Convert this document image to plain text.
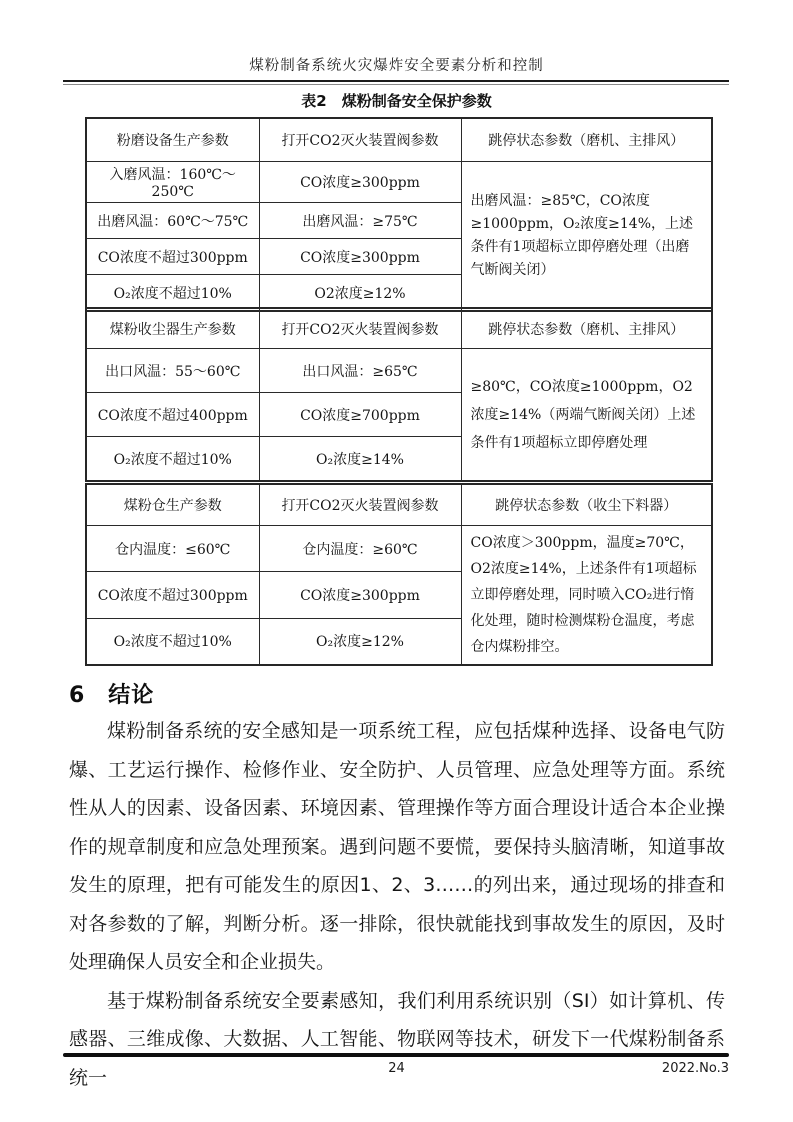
煤粉制备系统火灾爆炸安全要素分析和控制
表2　煤粉制备安全保护参数
粉磨设备生产参数	打开CO2灭火装置阀参数	跳停状态参数（磨机、主排风）
入磨风温：160℃～250℃	CO浓度≥300ppm	出磨风温：≥85℃，CO浓度≥1000ppm，O₂浓度≥14%，上述条件有1项超标立即停磨处理（出磨气断阀关闭）
出磨风温：60℃～75℃	出磨风温：≥75℃	
CO浓度不超过300ppm	CO浓度≥300ppm	
O₂浓度不超过10%	O2浓度≥12%	
煤粉收尘器生产参数	打开CO2灭火装置阀参数	跳停状态参数（磨机、主排风）
出口风温：55～60℃	出口风温：≥65℃	≥80℃，CO浓度≥1000ppm，O2浓度≥14%（两端气断阀关闭）上述条件有1项超标立即停磨处理
CO浓度不超过400ppm	CO浓度≥700ppm	
O₂浓度不超过10%	O₂浓度≥14%	
煤粉仓生产参数	打开CO2灭火装置阀参数	跳停状态参数（收尘下料器）
仓内温度：≤60℃	仓内温度：≥60℃	CO浓度＞300ppm，温度≥70℃，O2浓度≥14%，上述条件有1项超标立即停磨处理，同时喷入CO₂进行惰化处理，随时检测煤粉仓温度，考虑仓内煤粉排空。
CO浓度不超过300ppm	CO浓度≥300ppm	
O₂浓度不超过10%	O₂浓度≥12%	
6　结论

煤粉制备系统的安全感知是一项系统工程，应包括煤种选择、设备电气防爆、工艺运行操作、检修作业、安全防护、人员管理、应急处理等方面。系统性从人的因素、设备因素、环境因素、管理操作等方面合理设计适合本企业操作的规章制度和应急处理预案。遇到问题不要慌，要保持头脑清晰，知道事故发生的原理，把有可能发生的原因1、2、3……的列出来，通过现场的排查和对各参数的了解，判断分析。逐一排除，很快就能找到事故发生的原因，及时处理确保人员安全和企业损失。

基于煤粉制备系统安全要素感知，我们利用系统识别（SI）如计算机、传感器、三维成像、大数据、人工智能、物联网等技术，研发下一代煤粉制备系统一	24	2022.No.3
